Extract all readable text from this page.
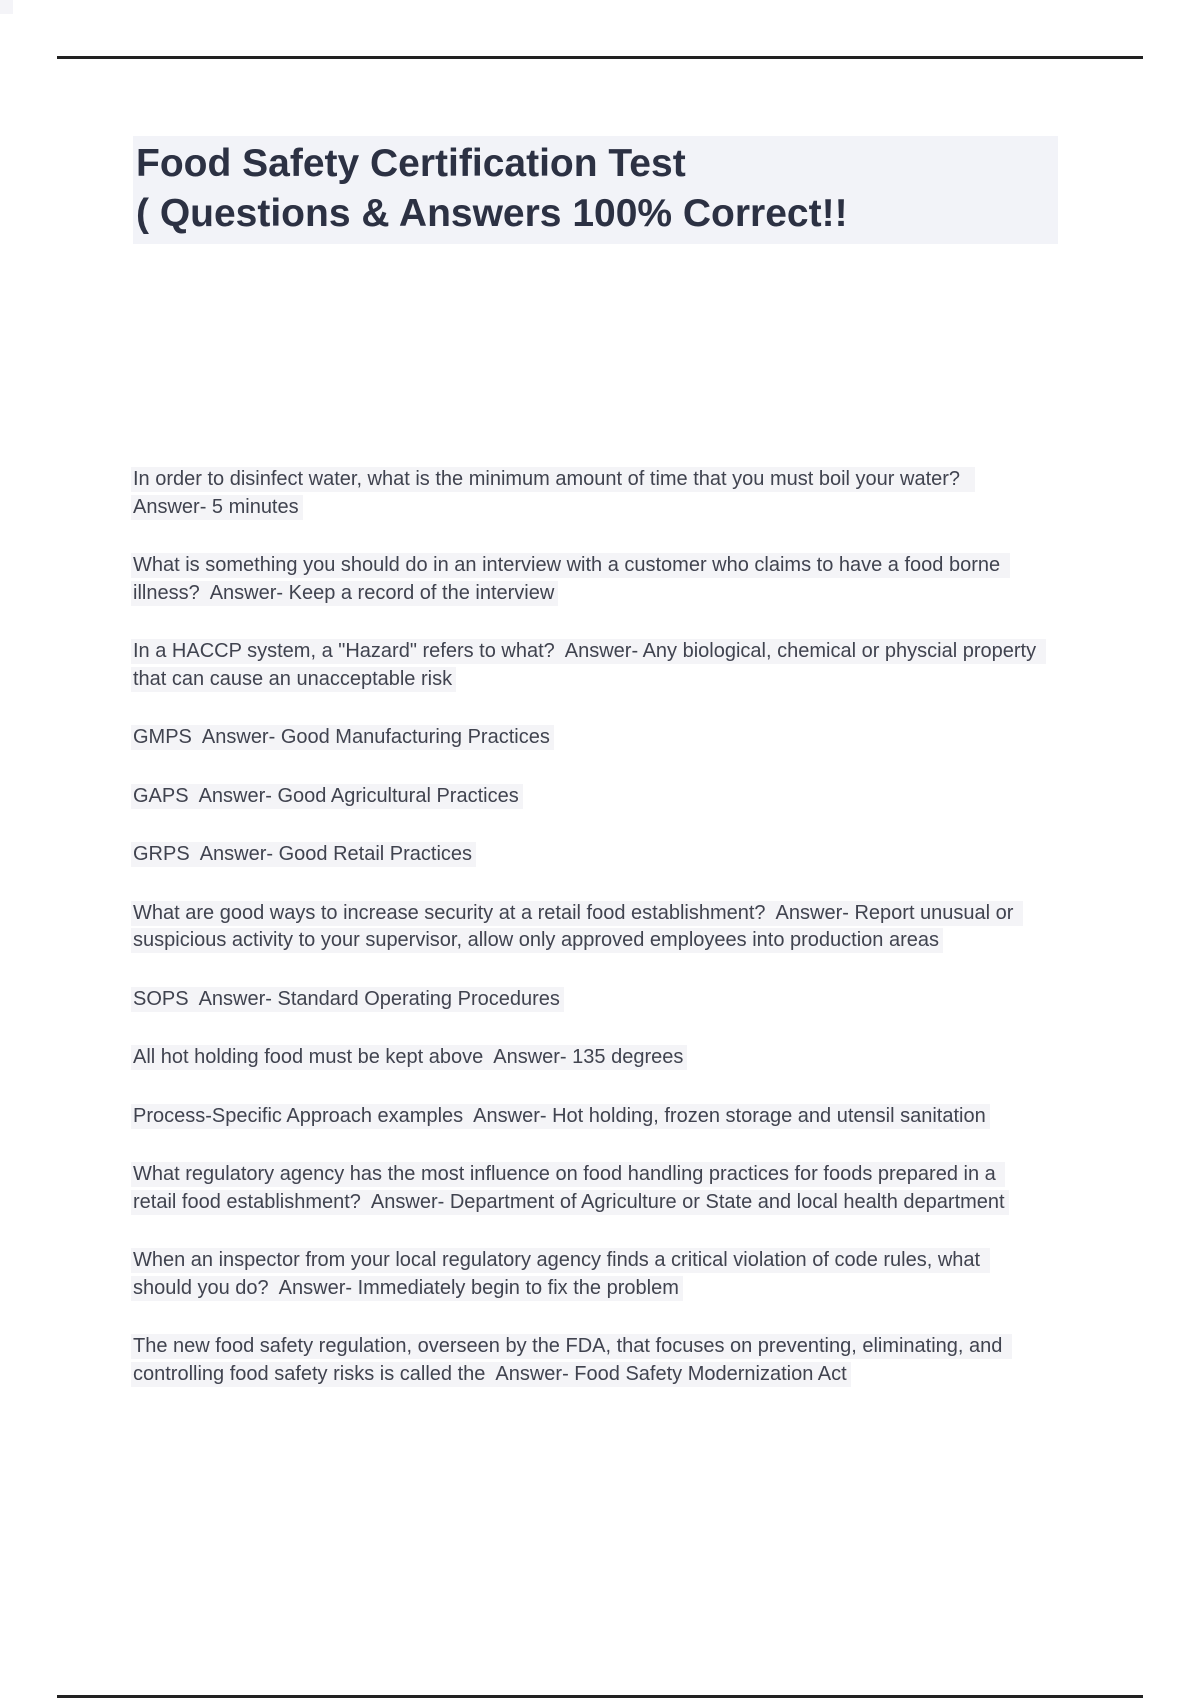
Food Safety Certification Test
( Questions & Answers 100% Correct!!

In order to disinfect water, what is the minimum amount of time that you must boil your water?  Answer- 5 minutes

What is something you should do in an interview with a customer who claims to have a food borne illness?  Answer- Keep a record of the interview

In a HACCP system, a "Hazard" refers to what?  Answer- Any biological, chemical or physcial property that can cause an unacceptable risk

GMPS  Answer- Good Manufacturing Practices

GAPS  Answer- Good Agricultural Practices

GRPS  Answer- Good Retail Practices

What are good ways to increase security at a retail food establishment?  Answer- Report unusual or suspicious activity to your supervisor, allow only approved employees into production areas

SOPS  Answer- Standard Operating Procedures

All hot holding food must be kept above  Answer- 135 degrees

Process-Specific Approach examples  Answer- Hot holding, frozen storage and utensil sanitation

What regulatory agency has the most influence on food handling practices for foods prepared in a retail food establishment?  Answer- Department of Agriculture or State and local health department

When an inspector from your local regulatory agency finds a critical violation of code rules, what should you do?  Answer- Immediately begin to fix the problem

The new food safety regulation, overseen by the FDA, that focuses on preventing, eliminating, and controlling food safety risks is called the  Answer- Food Safety Modernization Act
